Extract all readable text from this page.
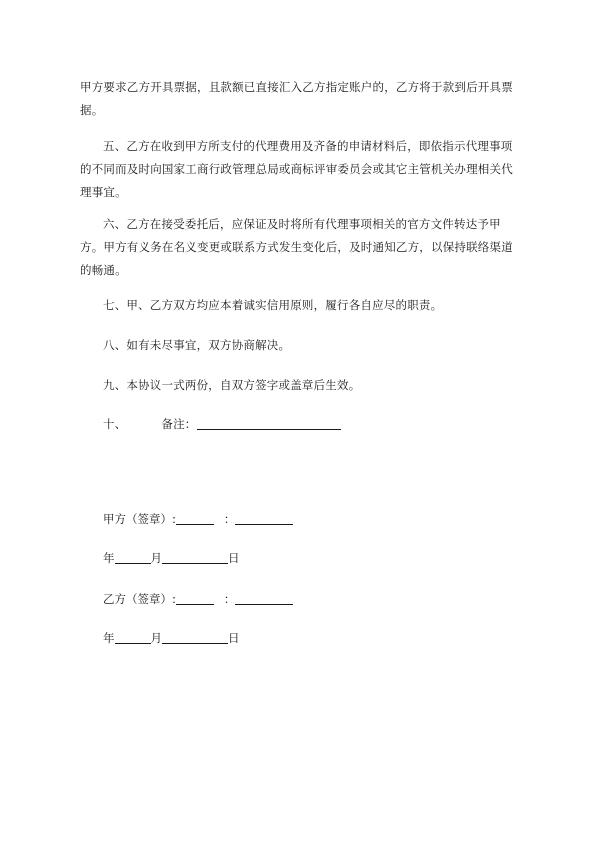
甲方要求乙方开具票据，且款额已直接汇入乙方指定账户的，乙方将于款到后开具票据。

五、乙方在收到甲方所支付的代理费用及齐备的申请材料后，即依指示代理事项的不同而及时向国家工商行政管理总局或商标评审委员会或其它主管机关办理相关代理事宜。

六、乙方在接受委托后，应保证及时将所有代理事项相关的官方文件转达予甲方。甲方有义务在名义变更或联系方式发生变化后，及时通知乙方，以保持联络渠道的畅通。

七、甲、乙方双方均应本着诚实信用原则，履行各自应尽的职责。

八、如有未尽事宜，双方协商解决。

九、本协议一式两份，自双方签字或盖章后生效。

十、	备注：

甲方（签章）:	：

年	月	日

乙方（签章）:	：

年	月	日
